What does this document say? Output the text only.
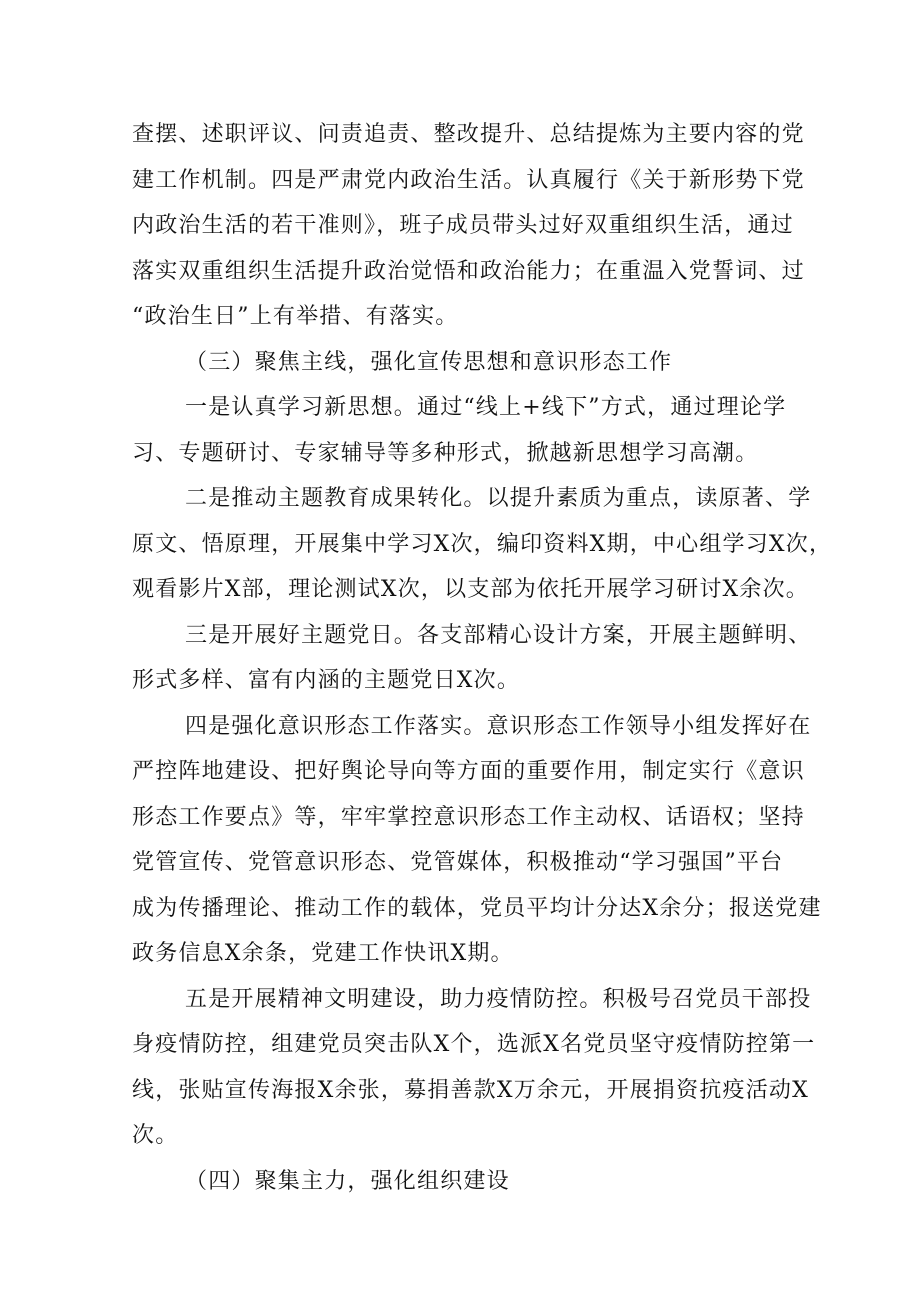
查摆、述职评议、问责追责、整改提升、总结提炼为主要内容的党
建工作机制。四是严肃党内政治生活。认真履行《关于新形势下党
内政治生活的若干准则》，班子成员带头过好双重组织生活，通过
落实双重组织生活提升政治觉悟和政治能力；在重温入党誓词、过
“政治生日”上有举措、有落实。
（三）聚焦主线，强化宣传思想和意识形态工作
一是认真学习新思想。通过“线上+线下”方式，通过理论学
习、专题研讨、专家辅导等多种形式，掀越新思想学习高潮。
二是推动主题教育成果转化。以提升素质为重点，读原著、学
原文、悟原理，开展集中学习X次，编印资料X期，中心组学习X次，
观看影片X部，理论测试X次，以支部为依托开展学习研讨X余次。
三是开展好主题党日。各支部精心设计方案，开展主题鲜明、
形式多样、富有内涵的主题党日X次。
四是强化意识形态工作落实。意识形态工作领导小组发挥好在
严控阵地建设、把好舆论导向等方面的重要作用，制定实行《意识
形态工作要点》等，牢牢掌控意识形态工作主动权、话语权；坚持
党管宣传、党管意识形态、党管媒体，积极推动“学习强国”平台
成为传播理论、推动工作的载体，党员平均计分达X余分；报送党建
政务信息X余条，党建工作快讯X期。
五是开展精神文明建设，助力疫情防控。积极号召党员干部投
身疫情防控，组建党员突击队X个，选派X名党员坚守疫情防控第一
线，张贴宣传海报X余张，募捐善款X万余元，开展捐资抗疫活动X
次。
（四）聚集主力，强化组织建设
